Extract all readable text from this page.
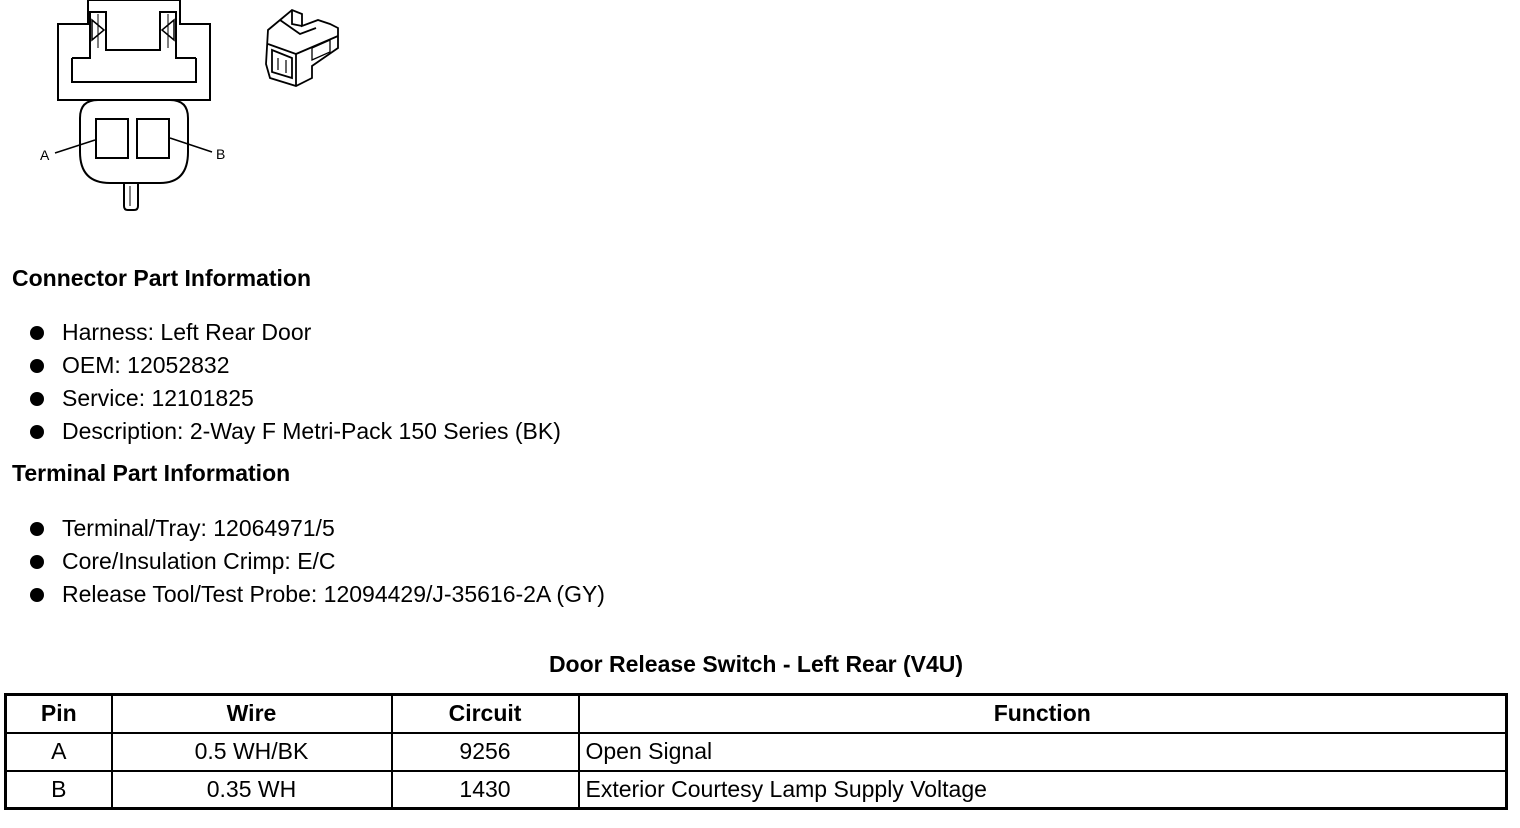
A	B
Connector Part Information
Harness: Left Rear Door
OEM: 12052832
Service: 12101825
Description: 2-Way F Metri-Pack 150 Series (BK)
Terminal Part Information
Terminal/Tray: 12064971/5
Core/Insulation Crimp: E/C
Release Tool/Test Probe: 12094429/J-35616-2A (GY)
Door Release Switch - Left Rear (V4U)
Pin	Wire	Circuit	Function
A	0.5 WH/BK	9256	Open Signal
B	0.35 WH	1430	Exterior Courtesy Lamp Supply Voltage
